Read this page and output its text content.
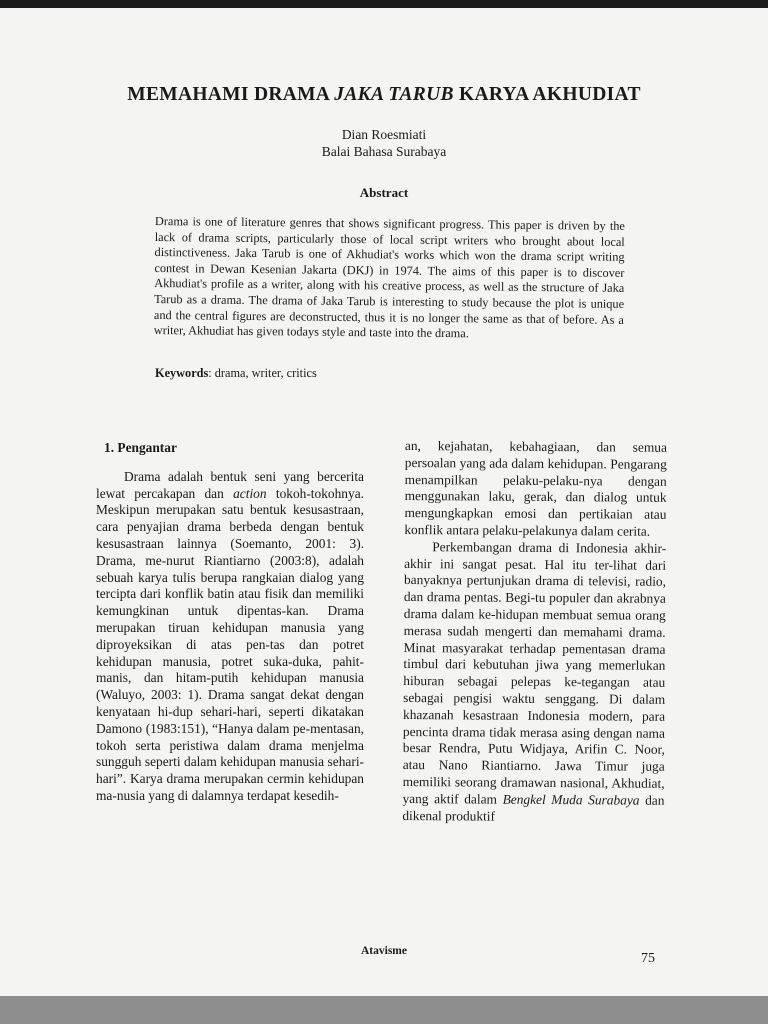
MEMAHAMI DRAMA JAKA TARUB KARYA AKHUDIAT
Dian Roesmiati
Balai Bahasa Surabaya
Abstract
Drama is one of literature genres that shows significant progress. This paper is driven by the lack of drama scripts, particularly those of local script writers who brought about local distinctiveness. Jaka Tarub is one of Akhudiat's works which won the drama script writing contest in Dewan Kesenian Jakarta (DKJ) in 1974. The aims of this paper is to discover Akhudiat's profile as a writer, along with his creative process, as well as the structure of Jaka Tarub as a drama. The drama of Jaka Tarub is interesting to study because the plot is unique and the central figures are deconstructed, thus it is no longer the same as that of before. As a writer, Akhudiat has given todays style and taste into the drama.
Keywords: drama, writer, critics

1. Pengantar

Drama adalah bentuk seni yang bercerita lewat percakapan dan action tokoh-tokohnya. Meskipun merupakan satu bentuk kesusastraan, cara penyajian drama berbeda dengan bentuk kesusastraan lainnya (Soemanto, 2001: 3). Drama, me-nurut Riantiarno (2003:8), adalah sebuah karya tulis berupa rangkaian dialog yang tercipta dari konflik batin atau fisik dan memiliki kemungkinan untuk dipentas-kan. Drama merupakan tiruan kehidupan manusia yang diproyeksikan di atas pen-tas dan potret kehidupan manusia, potret suka-duka, pahit-manis, dan hitam-putih kehidupan manusia (Waluyo, 2003: 1). Drama sangat dekat dengan kenyataan hi-dup sehari-hari, seperti dikatakan Damono (1983:151), “Hanya dalam pe-mentasan, tokoh serta peristiwa dalam drama menjelma sungguh seperti dalam kehidupan manusia sehari-hari”. Karya drama merupakan cermin kehidupan ma-nusia yang di dalamnya terdapat kesedih-

an, kejahatan, kebahagiaan, dan semua persoalan yang ada dalam kehidupan. Pengarang menampilkan pelaku-pelaku-nya dengan menggunakan laku, gerak, dan dialog untuk mengungkapkan emosi dan pertikaian atau konflik antara pelaku-pelakunya dalam cerita.

Perkembangan drama di Indonesia akhir-akhir ini sangat pesat. Hal itu ter-lihat dari banyaknya pertunjukan drama di televisi, radio, dan drama pentas. Begi-tu populer dan akrabnya drama dalam ke-hidupan membuat semua orang merasa sudah mengerti dan memahami drama. Minat masyarakat terhadap pementasan drama timbul dari kebutuhan jiwa yang memerlukan hiburan sebagai pelepas ke-tegangan atau sebagai pengisi waktu senggang. Di dalam khazanah kesastraan Indonesia modern, para pencinta drama tidak merasa asing dengan nama besar Rendra, Putu Widjaya, Arifin C. Noor, atau Nano Riantiarno. Jawa Timur juga memiliki seorang dramawan nasional, Akhudiat, yang aktif dalam Bengkel Muda Surabaya dan dikenal produktif

Atavisme	75
